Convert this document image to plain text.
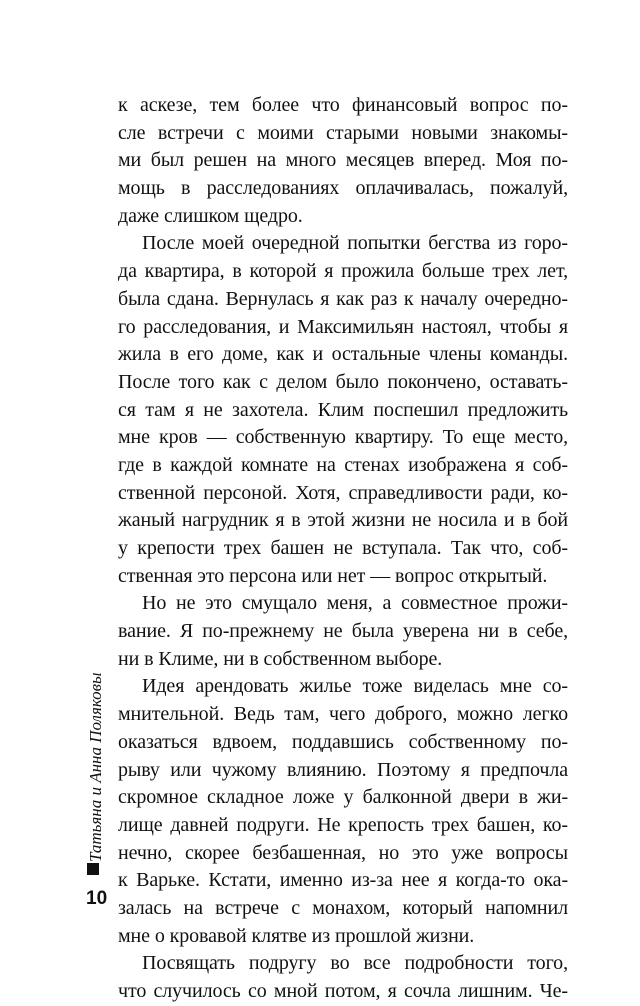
к аскезе, тем более что финансовый вопрос по-
сле встречи с моими старыми новыми знакомы-
ми был решен на много месяцев вперед. Моя по-
мощь в расследованиях оплачивалась, пожалуй,
даже слишком щедро.
После моей очередной попытки бегства из горо-
да квартира, в которой я прожила больше трех лет,
была сдана. Вернулась я как раз к началу очередно-
го расследования, и Максимильян настоял, чтобы я
жила в его доме, как и остальные члены команды.
После того как с делом было покончено, оставать-
ся там я не захотела. Клим поспешил предложить
мне кров — собственную квартиру. То еще место,
где в каждой комнате на стенах изображена я соб-
ственной персоной. Хотя, справедливости ради, ко-
жаный нагрудник я в этой жизни не носила и в бой
у крепости трех башен не вступала. Так что, соб-
ственная это персона или нет — вопрос открытый.
Но не это смущало меня, а совместное прожи-
вание. Я по-прежнему не была уверена ни в себе,
ни в Климе, ни в собственном выборе.
Идея арендовать жилье тоже виделась мне со-
мнительной. Ведь там, чего доброго, можно легко
оказаться вдвоем, поддавшись собственному по-
рыву или чужому влиянию. Поэтому я предпочла
скромное складное ложе у балконной двери в жи-
лище давней подруги. Не крепость трех башен, ко-
нечно, скорее безбашенная, но это уже вопросы
к Варьке. Кстати, именно из-за нее я когда-то ока-
залась на встрече с монахом, который напомнил
мне о кровавой клятве из прошлой жизни.
Посвящать подругу во все подробности того,
что случилось со мной потом, я сочла лишним. Че-
Татьяна и Анна Поляковы
10
